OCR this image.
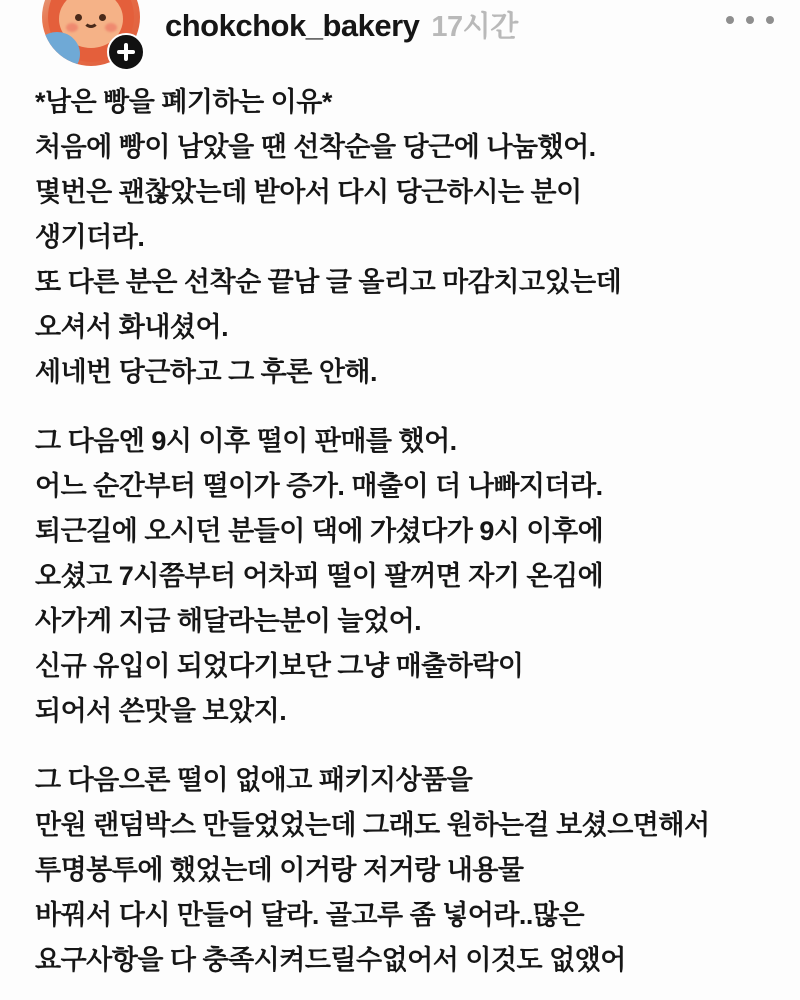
chokchok_bakery 17시간
*남은 빵을 폐기하는 이유*
처음에 빵이 남았을 땐 선착순을 당근에 나눔했어.
몇번은 괜찮았는데 받아서 다시 당근하시는 분이
생기더라.
또 다른 분은 선착순 끝남 글 올리고 마감치고있는데
오셔서 화내셨어.
세네번 당근하고 그 후론 안해.
그 다음엔 9시 이후 떨이 판매를 했어.
어느 순간부터 떨이가 증가. 매출이 더 나빠지더라.
퇴근길에 오시던 분들이 댁에 가셨다가 9시 이후에
오셨고 7시쯤부터 어차피 떨이 팔꺼면 자기 온김에
사가게 지금 해달라는분이 늘었어.
신규 유입이 되었다기보단 그냥 매출하락이
되어서 쓴맛을 보았지.
그 다음으론 떨이 없애고 패키지상품을
만원 랜덤박스 만들었었는데 그래도 원하는걸 보셨으면해서
투명봉투에 했었는데 이거랑 저거랑 내용물
바꿔서 다시 만들어 달라. 골고루 좀 넣어라..많은
요구사항을 다 충족시켜드릴수없어서 이것도 없앴어
